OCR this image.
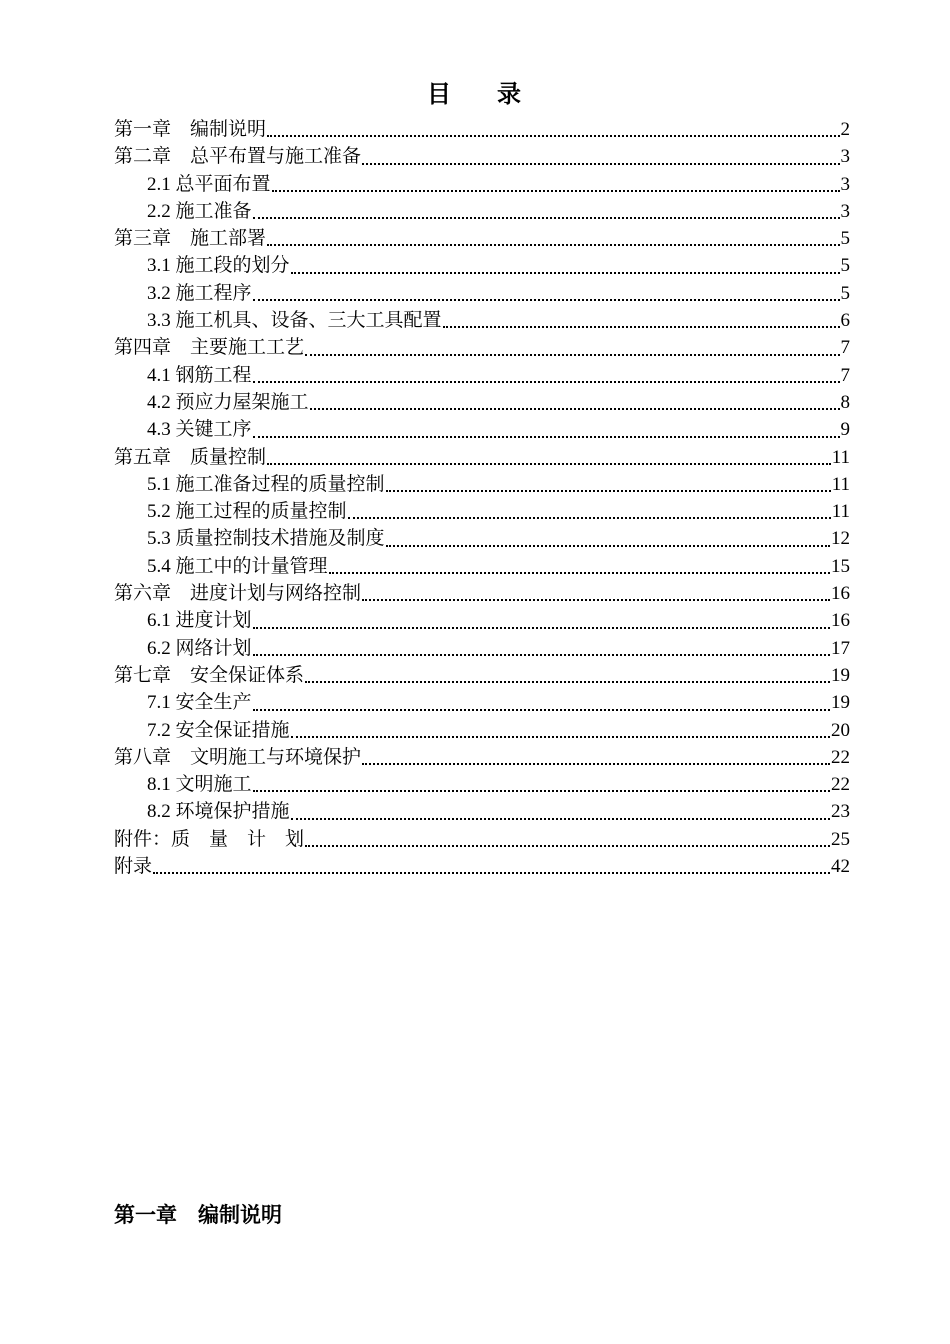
目 录
第一章　编制说明	2
第二章　总平布置与施工准备	3
2.1 总平面布置	3
2.2 施工准备	3
第三章　施工部署	5
3.1 施工段的划分	5
3.2 施工程序	5
3.3 施工机具、设备、三大工具配置	6
第四章　主要施工工艺	7
4.1 钢筋工程	7
4.2 预应力屋架施工	8
4.3 关键工序	9
第五章　质量控制	11
5.1 施工准备过程的质量控制	11
5.2 施工过程的质量控制	11
5.3 质量控制技术措施及制度	12
5.4 施工中的计量管理	15
第六章　进度计划与网络控制	16
6.1 进度计划	16
6.2 网络计划	17
第七章　安全保证体系	19
7.1 安全生产	19
7.2 安全保证措施	20
第八章　文明施工与环境保护	22
8.1 文明施工	22
8.2 环境保护措施	23
附件：质　量　计　划	25
附录	42
第一章　编制说明
